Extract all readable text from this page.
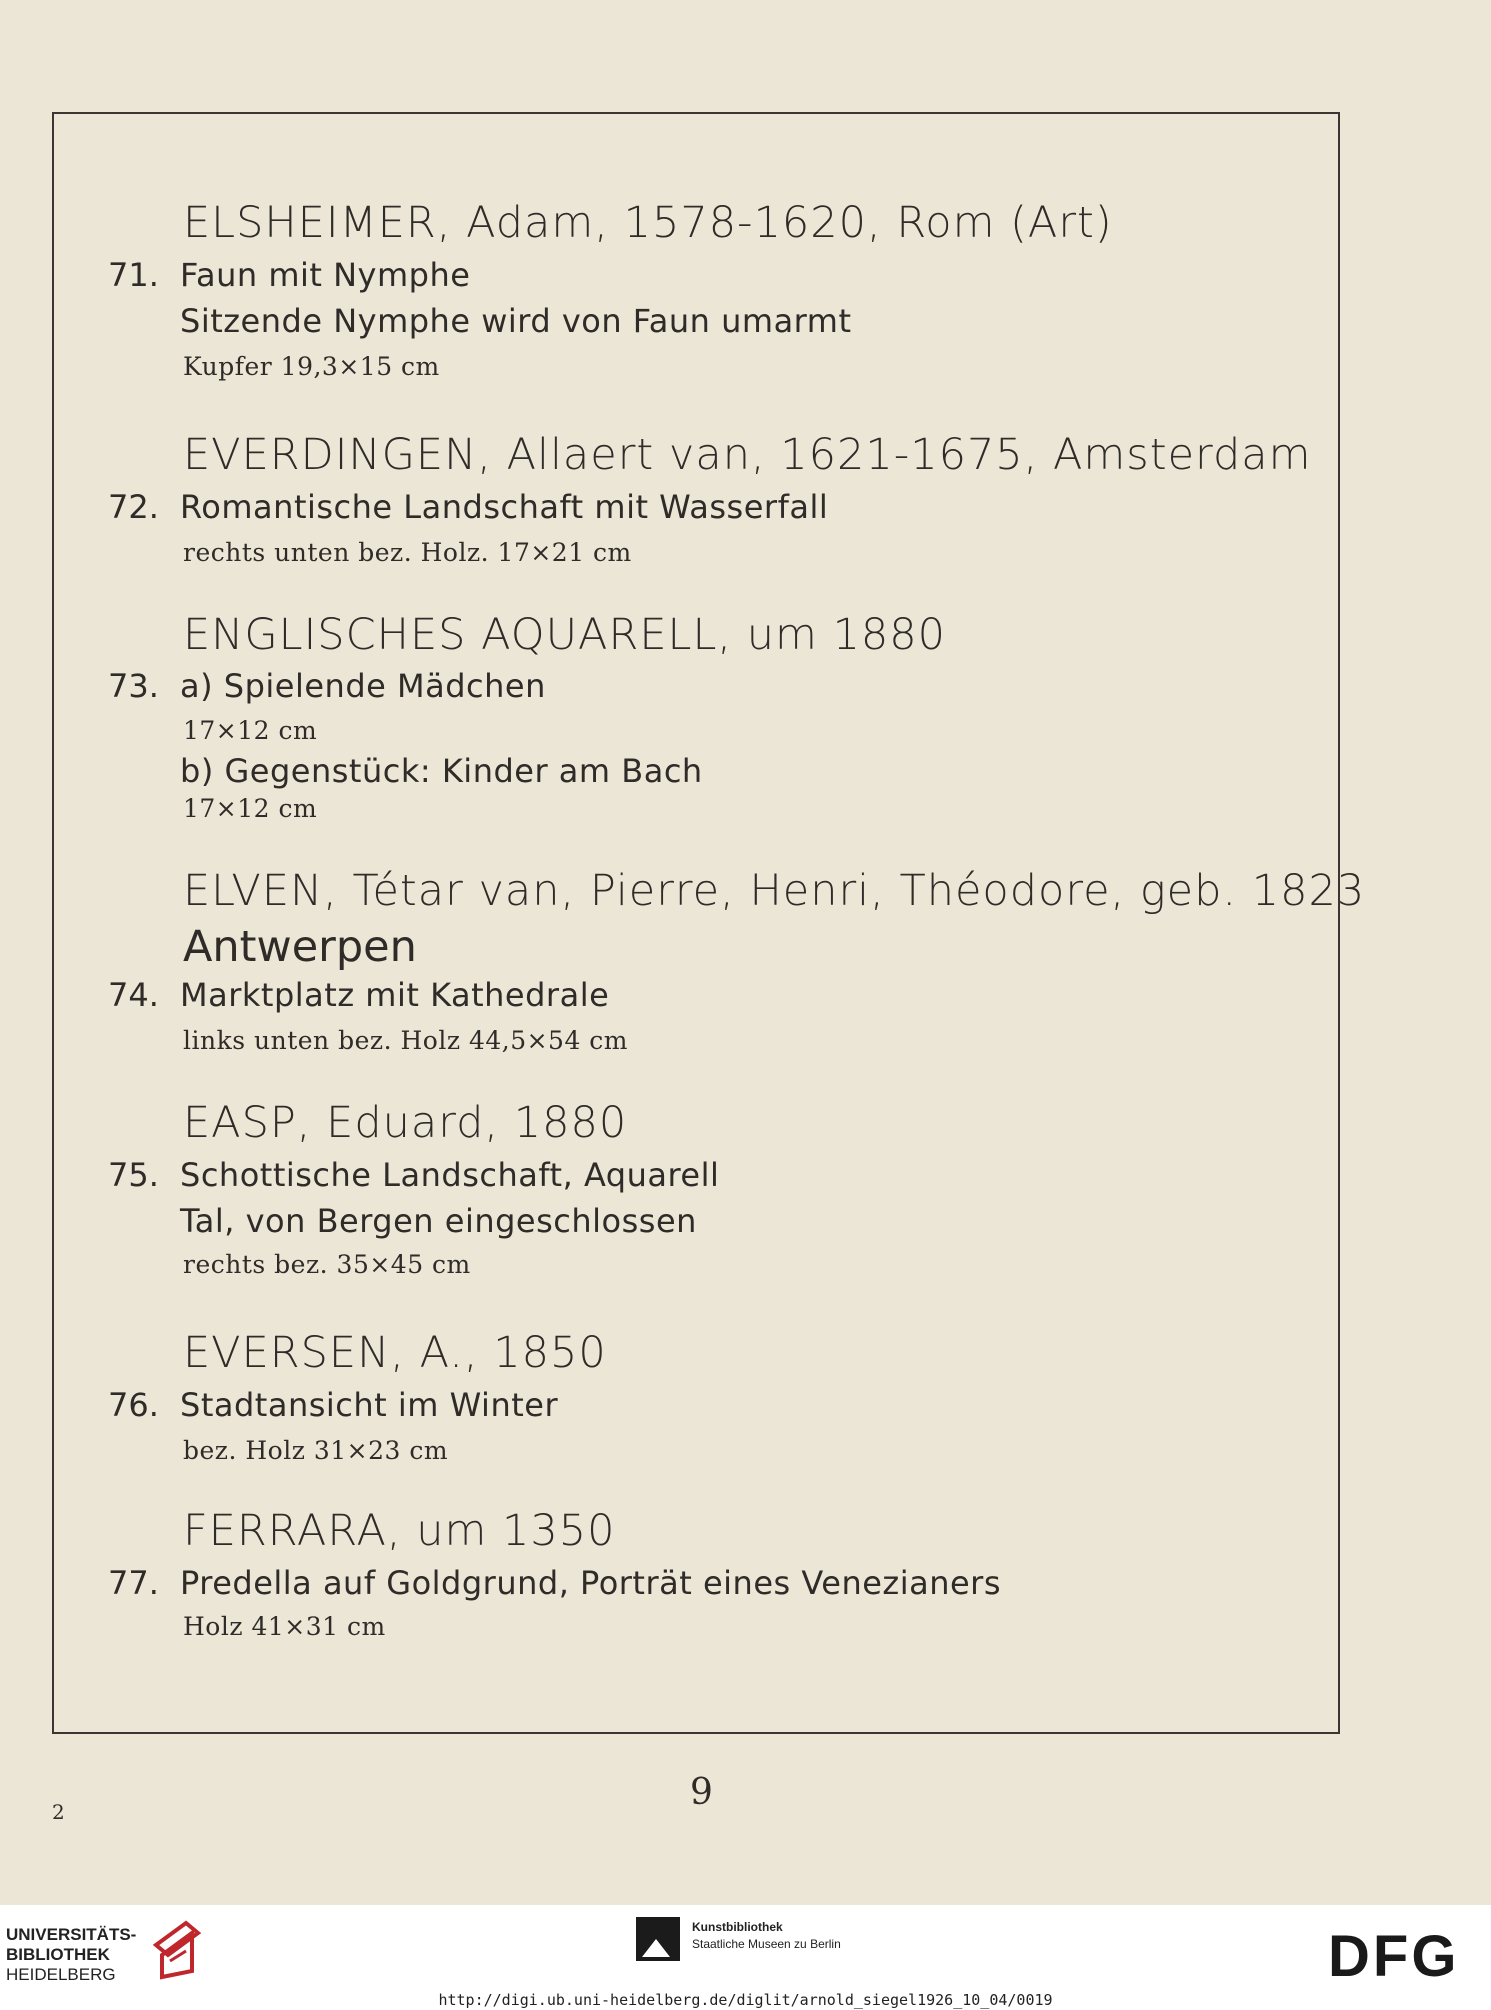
ELSHEIMER, Adam, 1578-1620, Rom (Art)
71. Faun mit Nymphe
Sitzende Nymphe wird von Faun umarmt
Kupfer 19,3×15 cm
EVERDINGEN, Allaert van, 1621-1675, Amsterdam
72. Romantische Landschaft mit Wasserfall
rechts unten bez. Holz. 17×21 cm
ENGLISCHES AQUARELL, um 1880
73. a) Spielende Mädchen
17×12 cm
b) Gegenstück: Kinder am Bach
17×12 cm
ELVEN, Tétar van, Pierre, Henri, Théodore, geb. 1823
Antwerpen
74. Marktplatz mit Kathedrale
links unten bez. Holz 44,5×54 cm
EASP, Eduard, 1880
75. Schottische Landschaft, Aquarell
Tal, von Bergen eingeschlossen
rechts bez. 35×45 cm
EVERSEN, A., 1850
76. Stadtansicht im Winter
bez. Holz 31×23 cm
FERRARA, um 1350
77. Predella auf Goldgrund, Porträt eines Venezianers
Holz 41×31 cm
9
2
UNIVERSITÄTS-
BIBLIOTHEK
HEIDELBERG
Kunstbibliothek
Staatliche Museen zu Berlin	DFG
http://digi.ub.uni-heidelberg.de/diglit/arnold_siegel1926_10_04/0019
